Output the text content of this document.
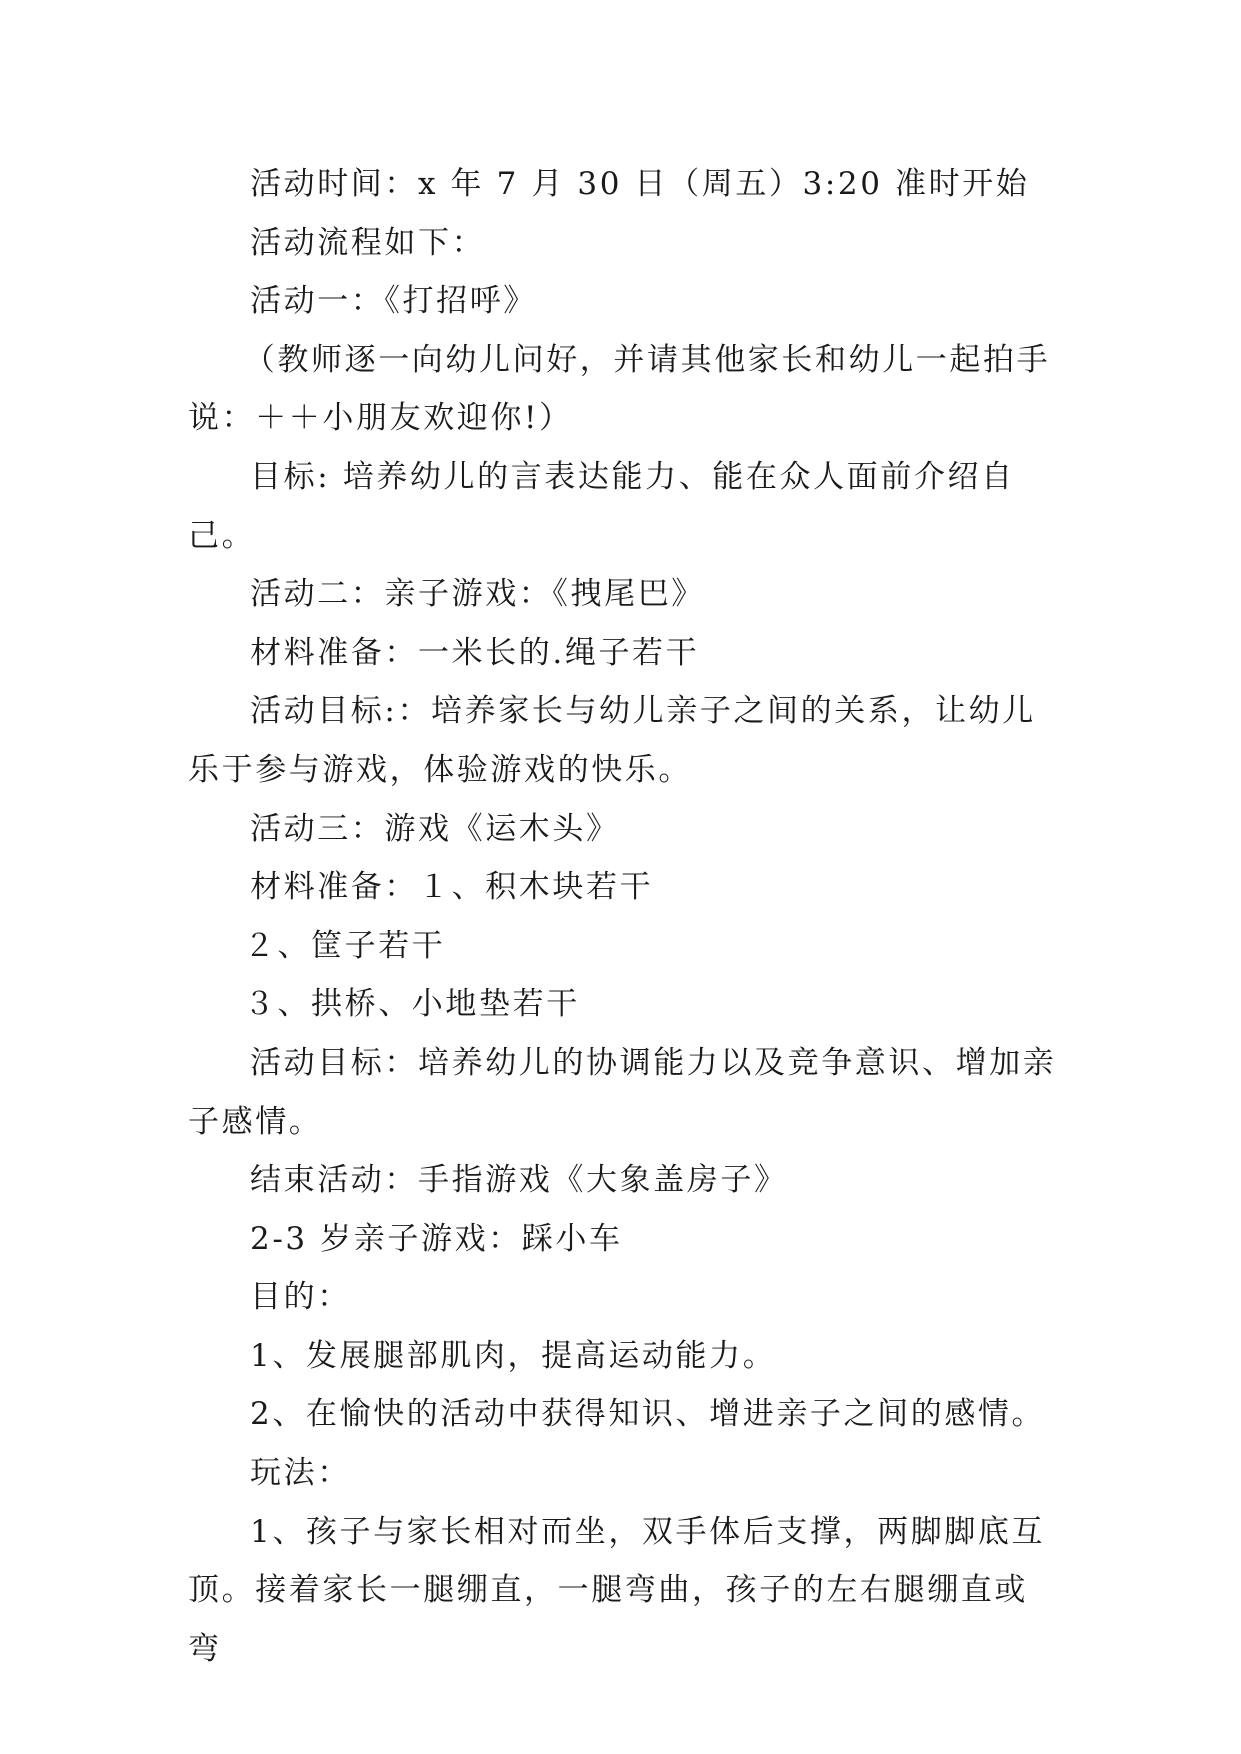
活动时间：x 年 7 月 30 日（周五）3:20 准时开始

活动流程如下：

活动一：《打招呼》

（教师逐一向幼儿问好，并请其他家长和幼儿一起拍手说：＋＋小朋友欢迎你!）

目标: 培养幼儿的言表达能力、能在众人面前介绍自己。

活动二：亲子游戏：《拽尾巴》

材料准备：一米长的.绳子若干

活动目标:：培养家长与幼儿亲子之间的关系，让幼儿乐于参与游戏，体验游戏的快乐。

活动三：游戏《运木头》

材料准备：１、积木块若干

２、筐子若干

３、拱桥、小地垫若干

活动目标：培养幼儿的协调能力以及竞争意识、增加亲子感情。

结束活动：手指游戏《大象盖房子》

2-3 岁亲子游戏：踩小车

目的：

1、发展腿部肌肉，提高运动能力。

2、在愉快的活动中获得知识、增进亲子之间的感情。

玩法：

1、孩子与家长相对而坐，双手体后支撑，两脚脚底互顶。接着家长一腿绷直，一腿弯曲，孩子的左右腿绷直或弯
